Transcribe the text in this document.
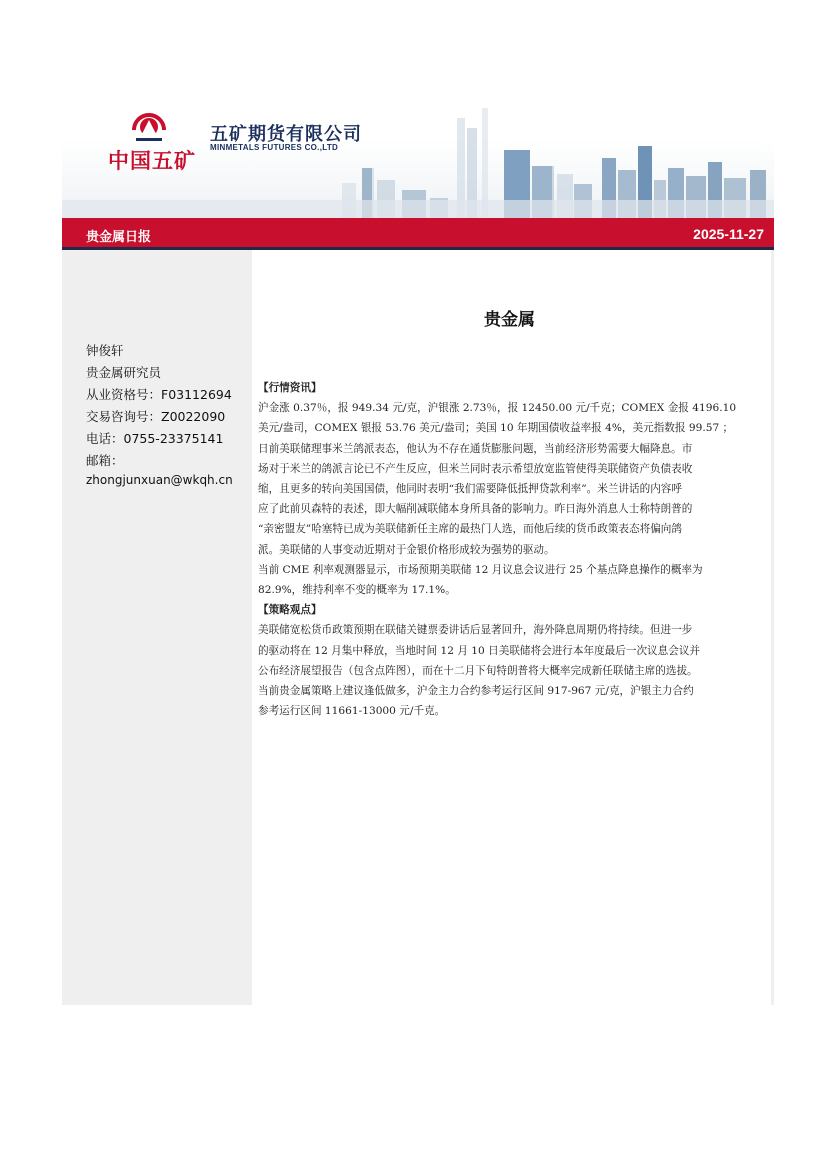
中国五矿
五矿期货有限公司
MINMETALS FUTURES CO.,LTD
贵金属日报	2025-11-27
钟俊轩
贵金属研究员
从业资格号：F03112694
交易咨询号：Z0022090
电话：0755-23375141
邮箱：
zhongjunxuan@wkqh.cn
贵金属

【行情资讯】

沪金涨 0.37％，报 949.34 元/克，沪银涨 2.73％，报 12450.00 元/千克；COMEX 金报 4196.10

美元/盎司，COMEX 银报 53.76 美元/盎司；美国 10 年期国债收益率报 4%，美元指数报 99.57 ；

日前美联储理事米兰鸽派表态，他认为不存在通货膨胀问题，当前经济形势需要大幅降息。市

场对于米兰的鸽派言论已不产生反应，但米兰同时表示希望放宽监管使得美联储资产负债表收

缩，且更多的转向美国国债，他同时表明“我们需要降低抵押贷款利率”。米兰讲话的内容呼

应了此前贝森特的表述，即大幅削减联储本身所具备的影响力。昨日海外消息人士称特朗普的

“亲密盟友”哈塞特已成为美联储新任主席的最热门人选，而他后续的货币政策表态将偏向鸽

派。美联储的人事变动近期对于金银价格形成较为强势的驱动。

当前 CME 利率观测器显示，市场预期美联储 12 月议息会议进行 25 个基点降息操作的概率为

82.9%，维持利率不变的概率为 17.1%。

【策略观点】

美联储宽松货币政策预期在联储关键票委讲话后显著回升，海外降息周期仍将持续。但进一步

的驱动将在 12 月集中释放，当地时间 12 月 10 日美联储将会进行本年度最后一次议息会议并

公布经济展望报告（包含点阵图），而在十二月下旬特朗普将大概率完成新任联储主席的选拔。

当前贵金属策略上建议逢低做多，沪金主力合约参考运行区间 917-967 元/克，沪银主力合约

参考运行区间 11661-13000 元/千克。
